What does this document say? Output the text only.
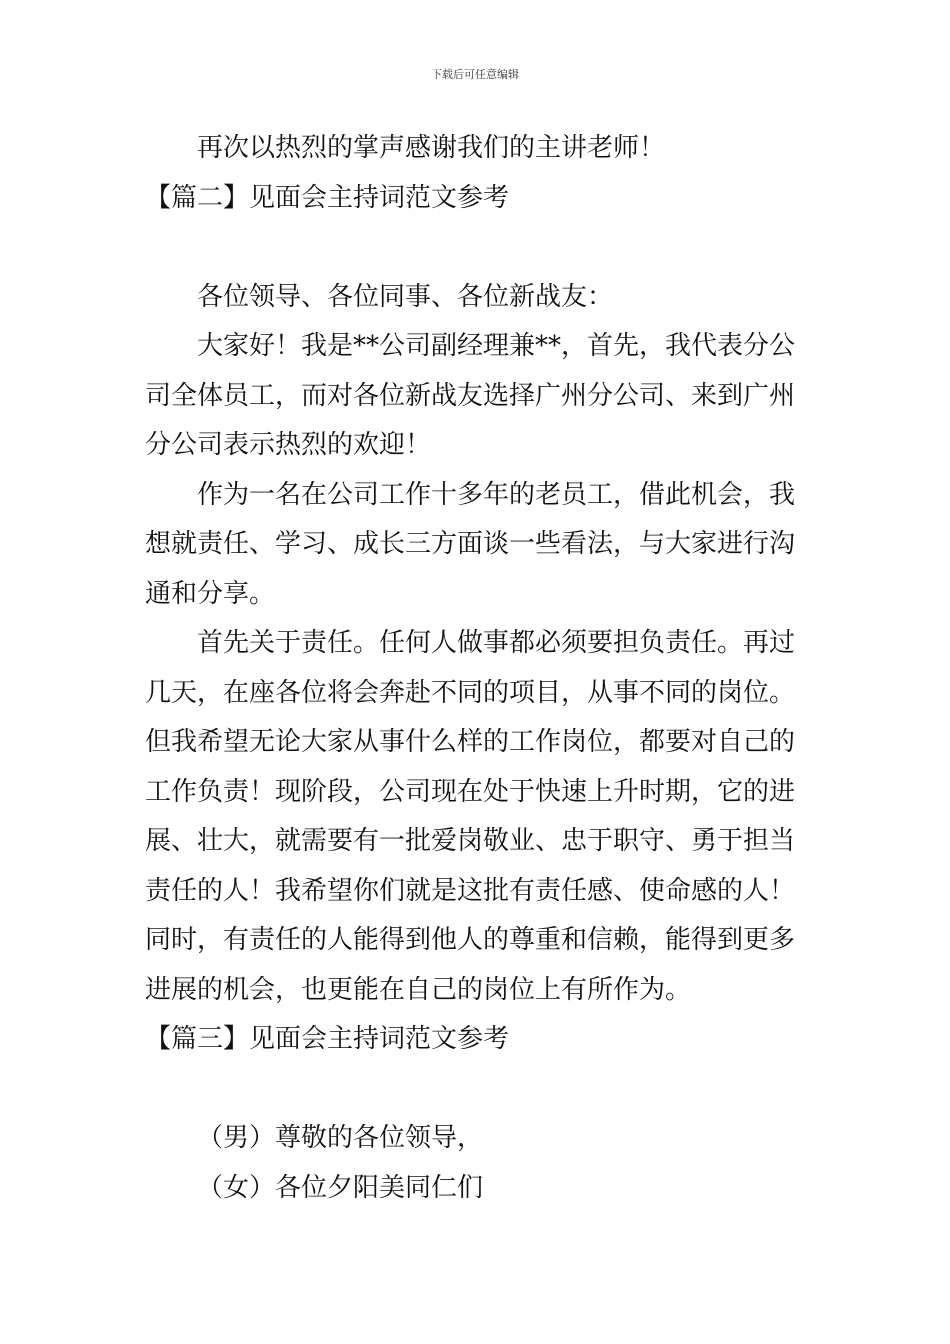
下载后可任意编辑
再次以热烈的掌声感谢我们的主讲老师！
【篇二】见面会主持词范文参考
各位领导、各位同事、各位新战友：
大家好！我是**公司副经理兼**，首先，我代表分公
司全体员工，而对各位新战友选择广州分公司、来到广州
分公司表示热烈的欢迎！
作为一名在公司工作十多年的老员工，借此机会，我
想就责任、学习、成长三方面谈一些看法，与大家进行沟
通和分享。
首先关于责任。任何人做事都必须要担负责任。再过
几天，在座各位将会奔赴不同的项目，从事不同的岗位。
但我希望无论大家从事什么样的工作岗位，都要对自己的
工作负责！现阶段，公司现在处于快速上升时期，它的进
展、壮大，就需要有一批爱岗敬业、忠于职守、勇于担当
责任的人！我希望你们就是这批有责任感、使命感的人！
同时，有责任的人能得到他人的尊重和信赖，能得到更多
进展的机会，也更能在自己的岗位上有所作为。
【篇三】见面会主持词范文参考
（男）尊敬的各位领导，
（女）各位夕阳美同仁们
